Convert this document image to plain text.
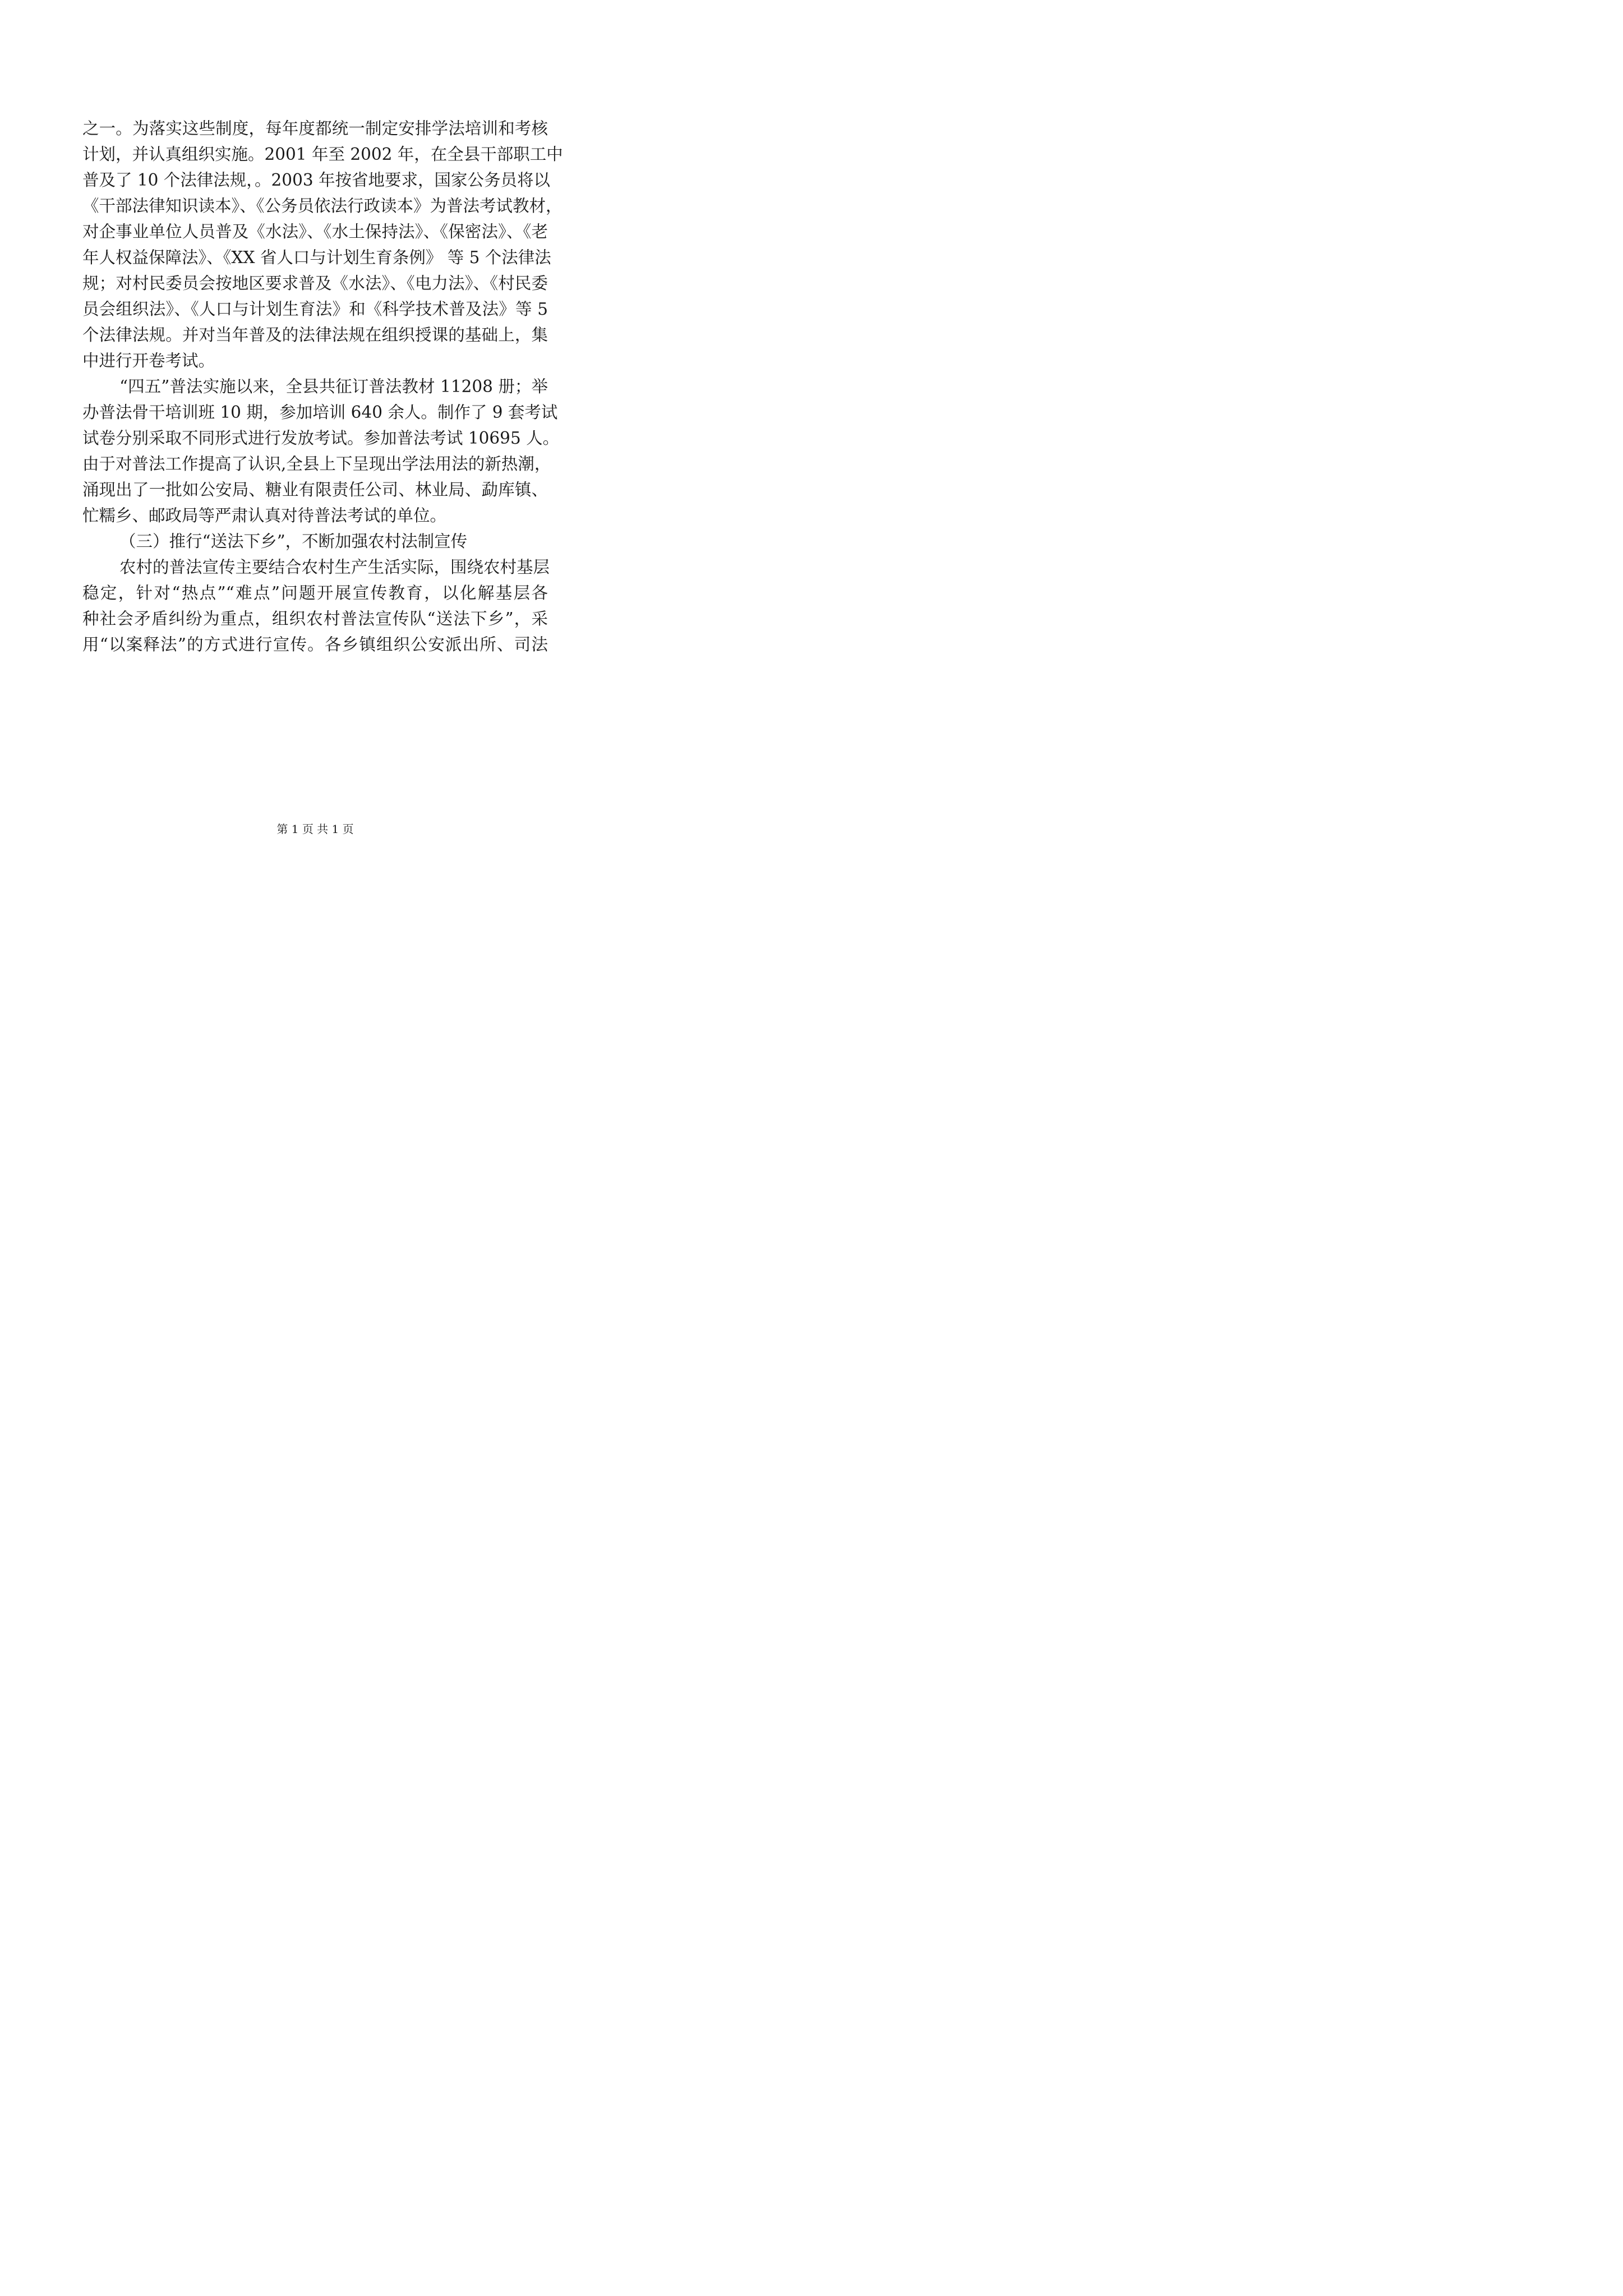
之一。为落实这些制度，每年度都统一制定安排学法培训和考核
计划，并认真组织实施。2001 年至 2002 年，在全县干部职工中
普及了 10 个法律法规，。2003 年按省地要求，国家公务员将以
《干部法律知识读本》、《公务员依法行政读本》为普法考试教材，
对企事业单位人员普及《水法》、《水土保持法》、《保密法》、《老
年人权益保障法》、《XX 省人口与计划生育条例》 等 5 个法律法
规；对村民委员会按地区要求普及《水法》、《电力法》、《村民委
员会组织法》、《人口与计划生育法》和《科学技术普及法》等 5
个法律法规。并对当年普及的法律法规在组织授课的基础上，集
中进行开卷考试。
“四五”普法实施以来，全县共征订普法教材 11208 册；举
办普法骨干培训班 10 期，参加培训 640 余人。制作了 9 套考试
试卷分别采取不同形式进行发放考试。参加普法考试 10695 人。
由于对普法工作提高了认识,全县上下呈现出学法用法的新热潮，
涌现出了一批如公安局、糖业有限责任公司、林业局、勐库镇、
忙糯乡、邮政局等严肃认真对待普法考试的单位。
（三）推行“送法下乡”，不断加强农村法制宣传
农村的普法宣传主要结合农村生产生活实际，围绕农村基层
稳定，针对“热点”“难点”问题开展宣传教育，以化解基层各
种社会矛盾纠纷为重点，组织农村普法宣传队“送法下乡”，采
用“以案释法”的方式进行宣传。各乡镇组织公安派出所、司法
第 1 页 共 1 页
